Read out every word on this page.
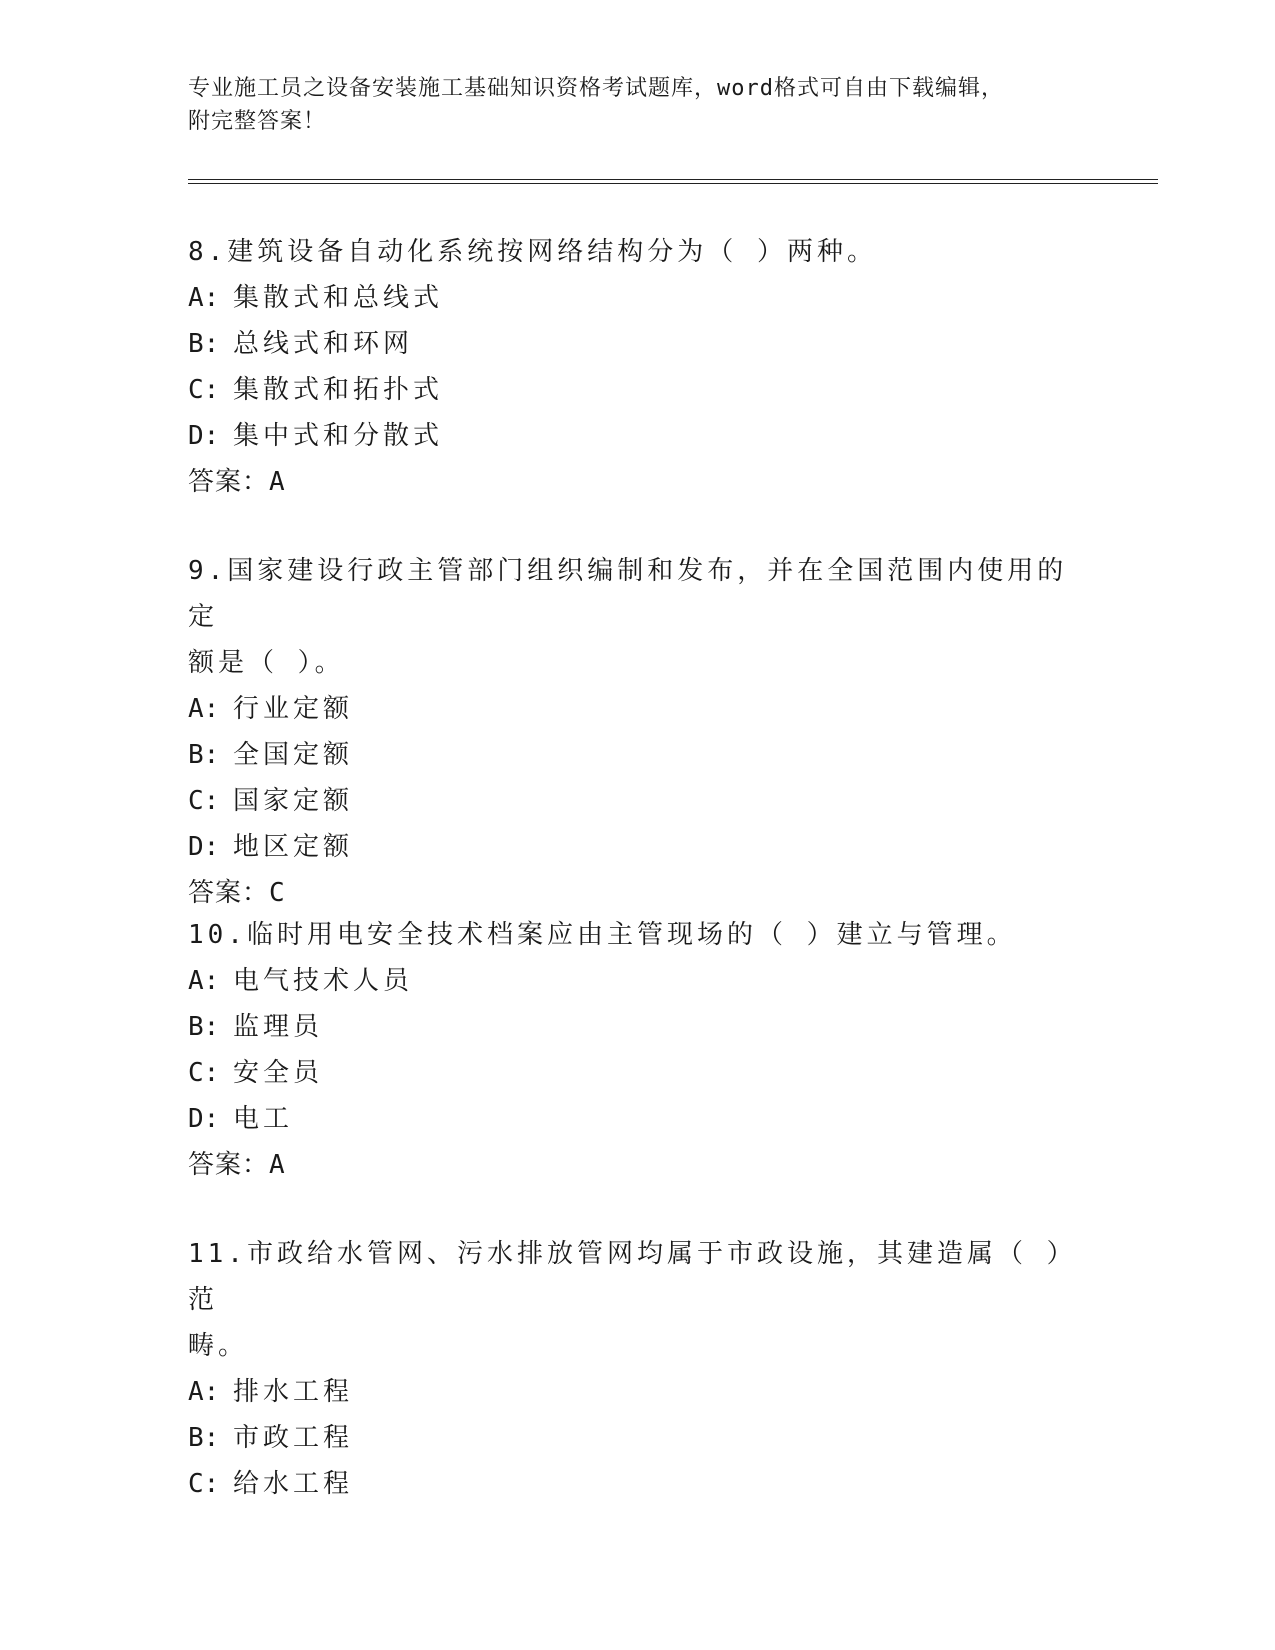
专业施工员之设备安装施工基础知识资格考试题库，word格式可自由下载编辑，
附完整答案！
8.建筑设备自动化系统按网络结构分为（ ）两种。
A: 集散式和总线式
B: 总线式和环网
C: 集散式和拓扑式
D: 集中式和分散式
答案：A
9.国家建设行政主管部门组织编制和发布，并在全国范围内使用的定
额是（ ）。
A: 行业定额
B: 全国定额
C: 国家定额
D: 地区定额
答案：C
10.临时用电安全技术档案应由主管现场的（ ）建立与管理。
A: 电气技术人员
B: 监理员
C: 安全员
D: 电工
答案：A
11.市政给水管网、污水排放管网均属于市政设施，其建造属（ ）范
畴。
A: 排水工程
B: 市政工程
C: 给水工程
